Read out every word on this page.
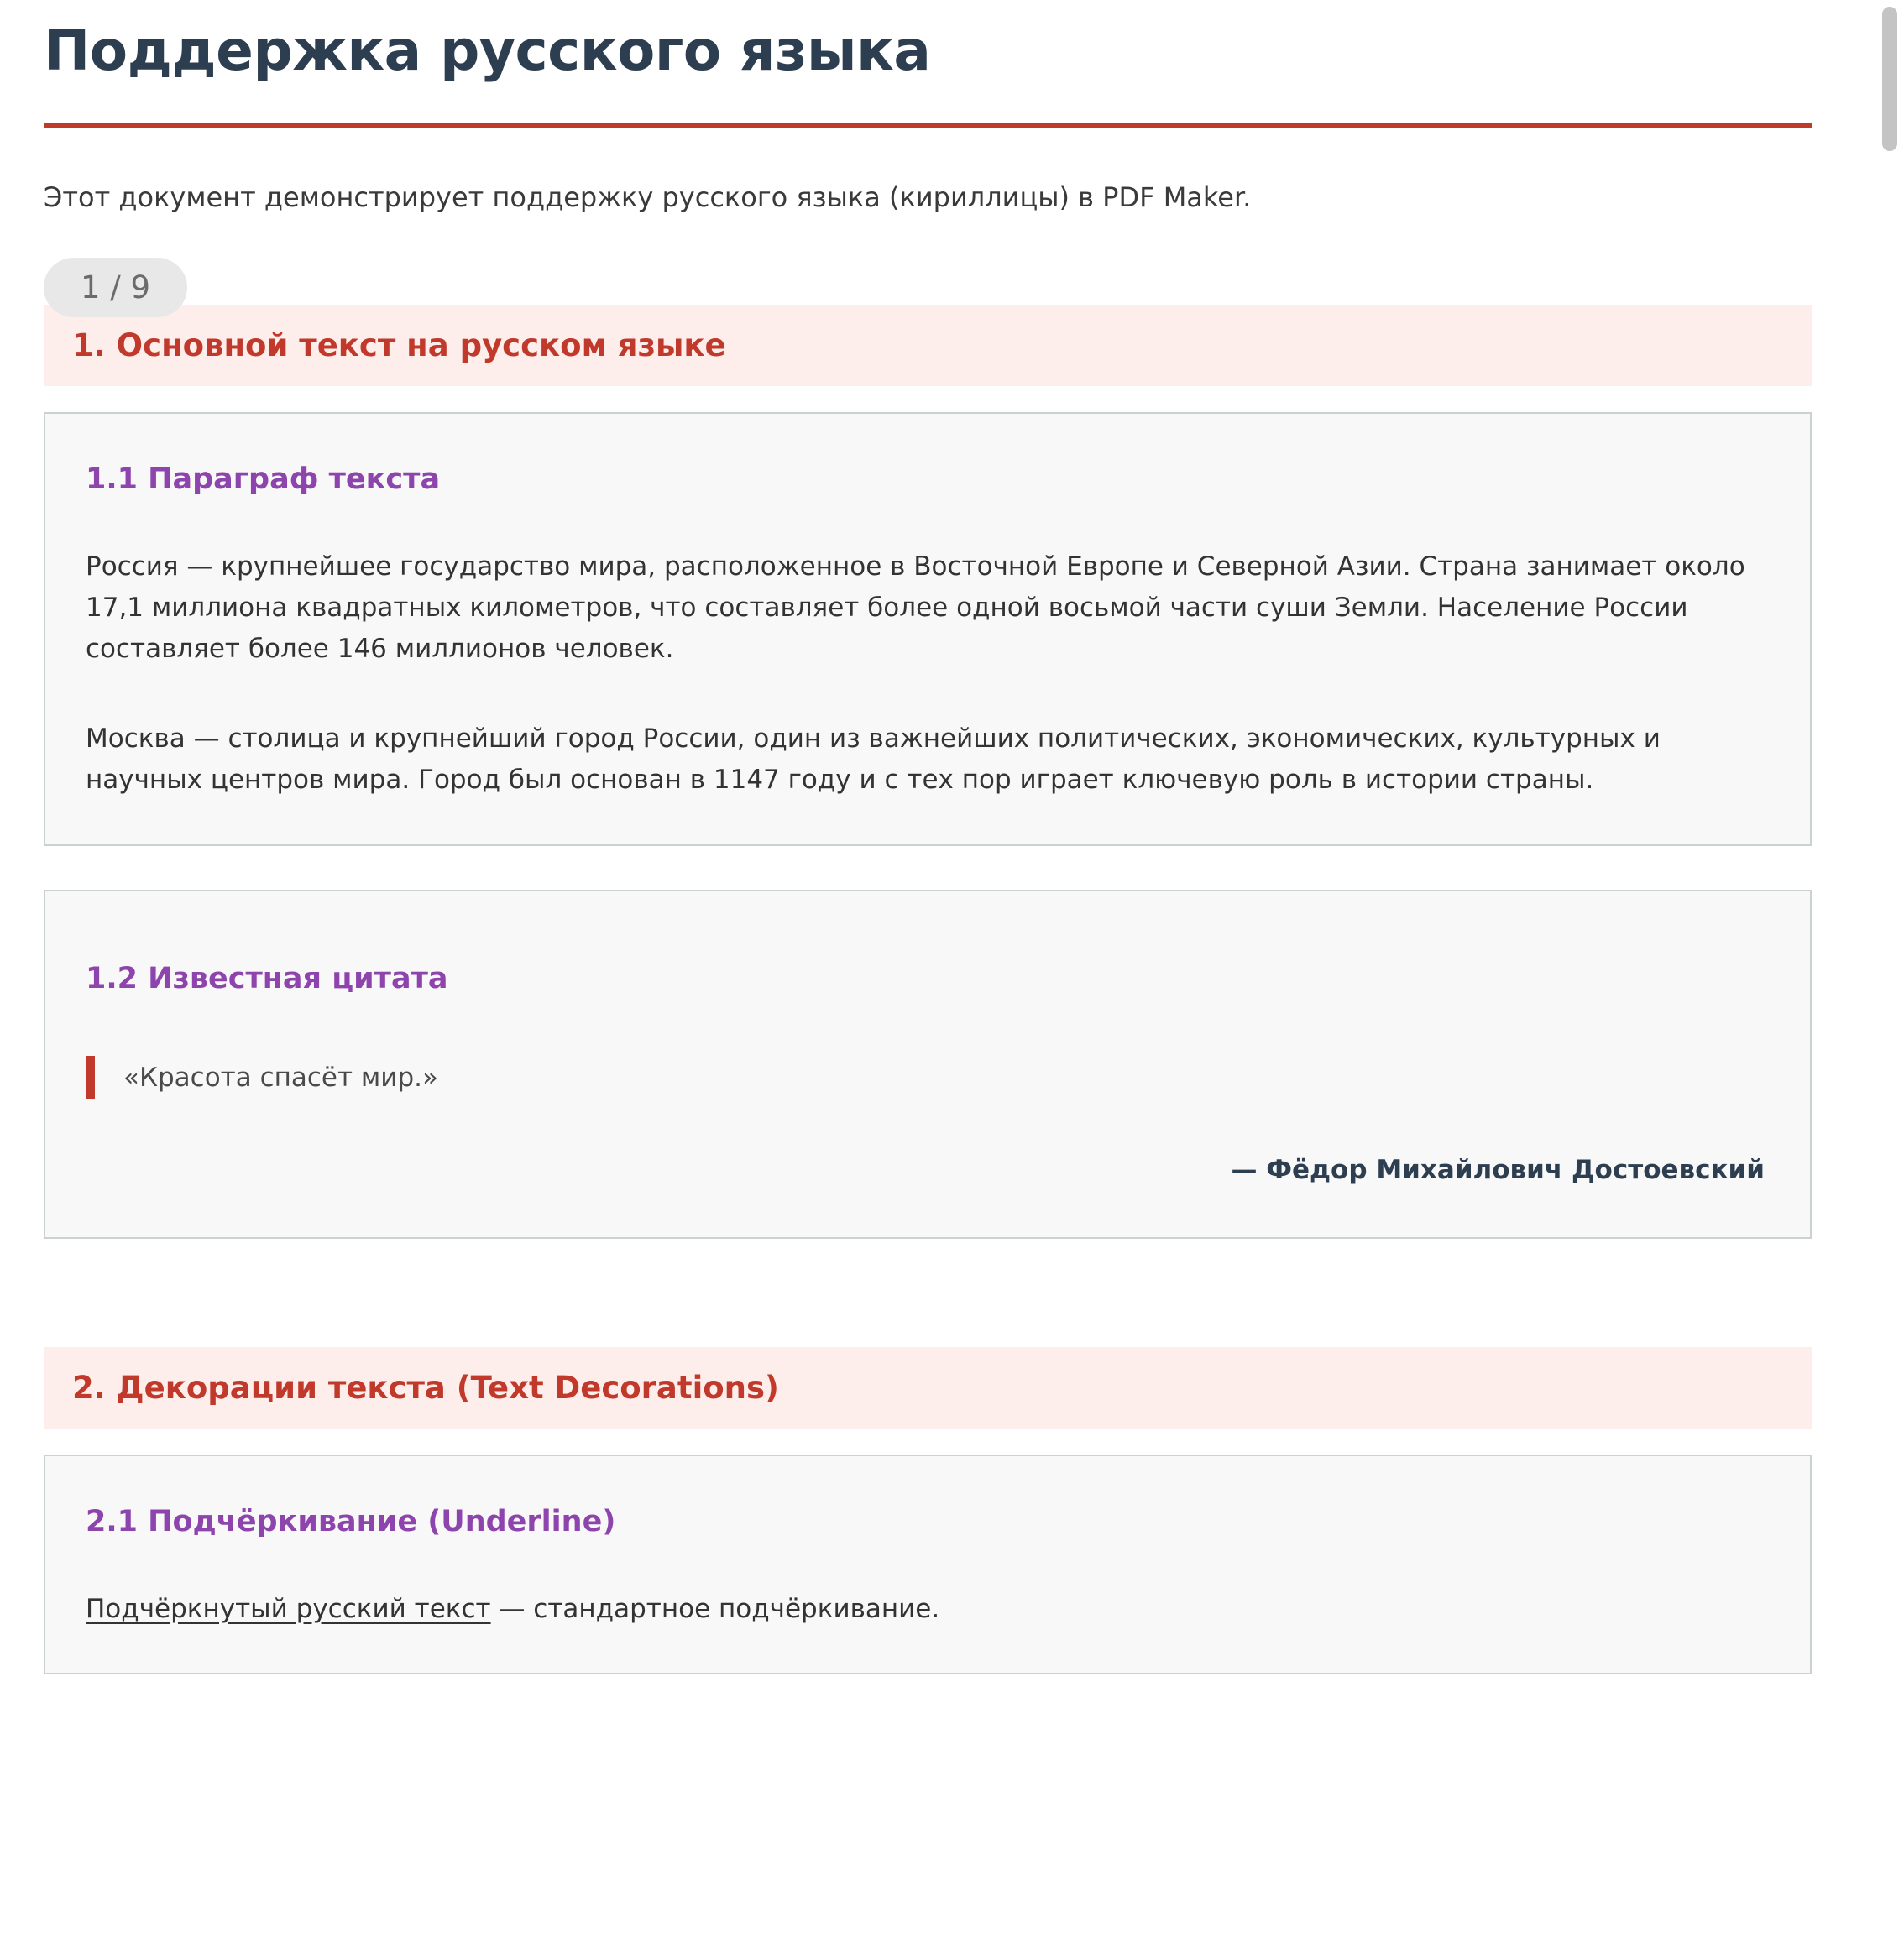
Поддержка русского языка

Этот документ демонстрирует поддержку русского языка (кириллицы) в PDF Maker.

1. Основной текст на русском языке
1.1 Параграф текста

Россия — крупнейшее государство мира, расположенное в Восточной Европе и Северной Азии. Страна занимает около 17,1 миллиона квадратных километров, что составляет более одной восьмой части суши Земли. Население России составляет более 146 миллионов человек.

Москва — столица и крупнейший город России, один из важнейших политических, экономических, культурных и научных центров мира. Город был основан в 1147 году и с тех пор играет ключевую роль в истории страны.

1.2 Известная цитата
«Красота спасёт мир.»
— Фёдор Михайлович Достоевский
2. Декорации текста (Text Decorations)
2.1 Подчёркивание (Underline)

Подчёркнутый русский текст — стандартное подчёркивание.

1 / 9
